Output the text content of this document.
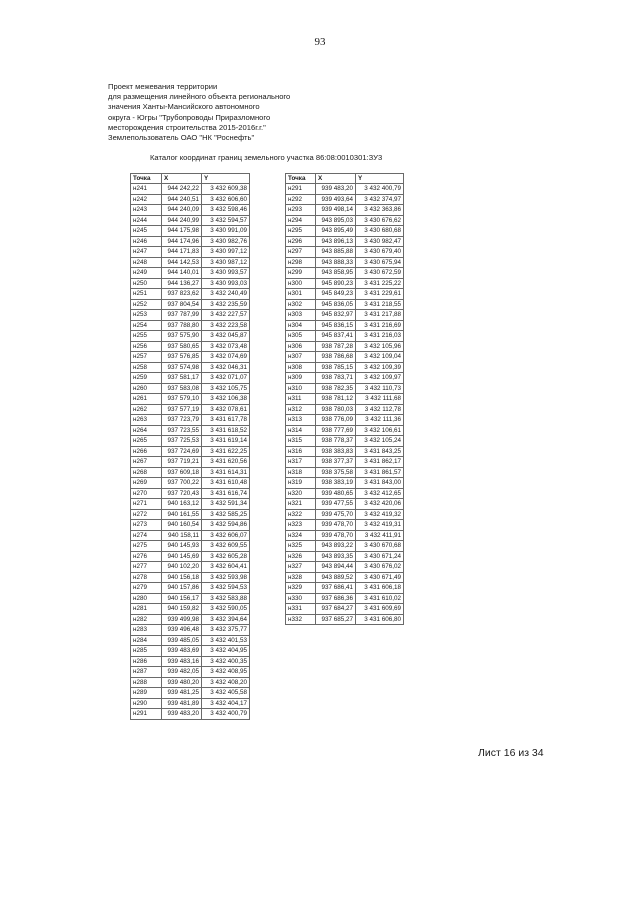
93
Проект межевания территории
для размещения линейного объекта регионального
значения Ханты-Мансийского автономного
округа - Югры "Трубопроводы Приразломного
месторождения строительства 2015-2016г.г."
Землепользователь ОАО "НК "Роснефть"
Каталог координат границ земельного участка 86:08:0010301:ЗУ3
Точка	X	Y
н241	944 242,22	3 432 609,38
н242	944 240,51	3 432 606,60
н243	944 240,09	3 432 598,46
н244	944 240,99	3 432 594,57
н245	944 175,98	3 430 991,09
н246	944 174,96	3 430 982,76
н247	944 171,83	3 430 997,12
н248	944 142,53	3 430 987,12
н249	944 140,01	3 430 993,57
н250	944 136,27	3 430 993,03
н251	937 823,62	3 432 240,49
н252	937 804,54	3 432 235,59
н253	937 787,99	3 432 227,57
н254	937 788,80	3 432 223,58
н255	937 575,90	3 432 045,87
н256	937 580,65	3 432 073,48
н257	937 576,85	3 432 074,69
н258	937 574,98	3 432 046,31
н259	937 581,17	3 432 071,07
н260	937 583,08	3 432 105,75
н261	937 579,10	3 432 106,38
н262	937 577,19	3 432 078,61
н263	937 723,79	3 431 617,78
н264	937 723,55	3 431 618,52
н265	937 725,53	3 431 619,14
н266	937 724,69	3 431 622,25
н267	937 719,21	3 431 620,56
н268	937 609,18	3 431 614,31
н269	937 700,22	3 431 610,48
н270	937 720,43	3 431 616,74
н271	940 163,12	3 432 591,34
н272	940 161,55	3 432 585,25
н273	940 160,54	3 432 594,86
н274	940 158,11	3 432 606,07
н275	940 145,93	3 432 609,55
н276	940 145,69	3 432 605,28
н277	940 102,20	3 432 604,41
н278	940 156,18	3 432 593,98
н279	940 157,86	3 432 594,53
н280	940 156,17	3 432 583,88
н281	940 159,82	3 432 590,05
н282	939 499,98	3 432 394,64
н283	939 496,48	3 432 375,77
н284	939 485,05	3 432 401,53
н285	939 483,69	3 432 404,95
н286	939 483,16	3 432 400,35
н287	939 482,05	3 432 408,95
н288	939 480,20	3 432 408,20
н289	939 481,25	3 432 405,58
н290	939 481,89	3 432 404,17
н291	939 483,20	3 432 400,79
Точка	X	Y
н291	939 483,20	3 432 400,79
н292	939 493,64	3 432 374,97
н293	939 498,14	3 432 363,86
н294	943 895,03	3 430 676,62
н295	943 895,49	3 430 680,68
н296	943 896,13	3 430 982,47
н297	943 885,88	3 430 679,40
н298	943 888,33	3 430 675,94
н299	943 858,95	3 430 672,59
н300	945 890,23	3 431 225,22
н301	945 849,23	3 431 229,61
н302	945 836,05	3 431 218,55
н303	945 832,97	3 431 217,88
н304	945 836,15	3 431 216,69
н305	945 837,41	3 431 216,03
н306	938 787,28	3 432 105,96
н307	938 786,68	3 432 109,04
н308	938 785,15	3 432 109,39
н309	938 783,71	3 432 109,97
н310	938 782,35	3 432 110,73
н311	938 781,12	3 432 111,68
н312	938 780,03	3 432 112,78
н313	938 776,09	3 432 111,36
н314	938 777,69	3 432 106,61
н315	938 778,37	3 432 105,24
н316	938 383,83	3 431 843,25
н317	938 377,37	3 431 862,17
н318	938 375,58	3 431 861,57
н319	938 383,19	3 431 843,00
н320	939 480,65	3 432 412,65
н321	939 477,55	3 432 420,06
н322	939 475,70	3 432 419,32
н323	939 478,70	3 432 419,31
н324	939 478,70	3 432 411,91
н325	943 893,22	3 430 670,68
н326	943 893,35	3 430 671,24
н327	943 894,44	3 430 676,02
н328	943 889,52	3 430 671,49
н329	937 686,41	3 431 606,18
н330	937 686,36	3 431 610,02
н331	937 684,27	3 431 609,69
н332	937 685,27	3 431 606,80
Лист 16 из 34
